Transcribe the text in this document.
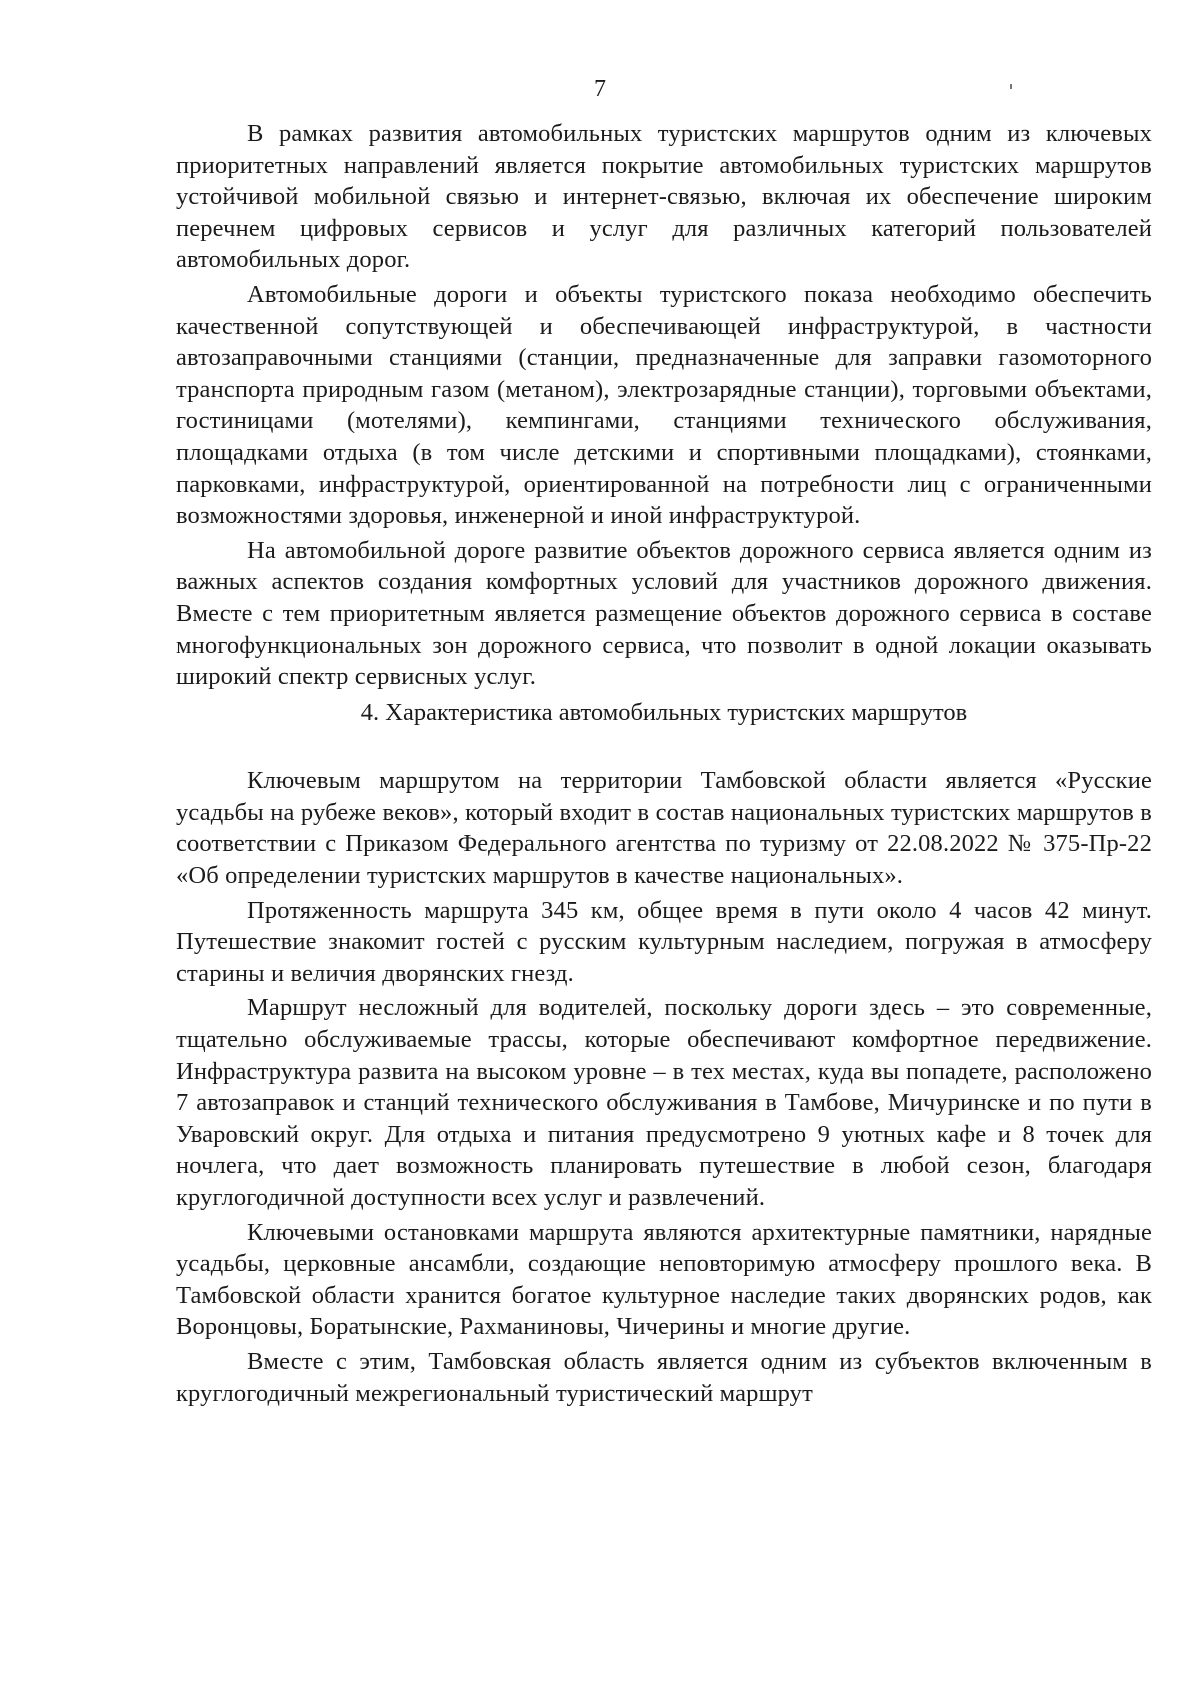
7

В рамках развития автомобильных туристских маршрутов одним из ключевых приоритетных направлений является покрытие автомобильных туристских маршрутов устойчивой мобильной связью и интернет-связью, включая их обеспечение широким перечнем цифровых сервисов и услуг для различных категорий пользователей автомобильных дорог.

Автомобильные дороги и объекты туристского показа необходимо обеспечить качественной сопутствующей и обеспечивающей инфраструктурой, в частности автозаправочными станциями (станции, предназначенные для заправки газомоторного транспорта природным газом (метаном), электрозарядные станции), торговыми объектами, гостиницами (мотелями), кемпингами, станциями технического обслуживания, площадками отдыха (в том числе детскими и спортивными площадками), стоянками, парковками, инфраструктурой, ориентированной на потребности лиц с ограниченными возможностями здоровья, инженерной и иной инфраструктурой.

На автомобильной дороге развитие объектов дорожного сервиса является одним из важных аспектов создания комфортных условий для участников дорожного движения. Вместе с тем приоритетным является размещение объектов дорожного сервиса в составе многофункциональных зон дорожного сервиса, что позволит в одной локации оказывать широкий спектр сервисных услуг.

4. Характеристика автомобильных туристских маршрутов

Ключевым маршрутом на территории Тамбовской области является «Русские усадьбы на рубеже веков», который входит в состав национальных туристских маршрутов в соответствии с Приказом Федерального агентства по туризму от 22.08.2022 № 375-Пр-22 «Об определении туристских маршрутов в качестве национальных».

Протяженность маршрута 345 км, общее время в пути около 4 часов 42 минут. Путешествие знакомит гостей с русским культурным наследием, погружая в атмосферу старины и величия дворянских гнезд.

Маршрут несложный для водителей, поскольку дороги здесь – это современные, тщательно обслуживаемые трассы, которые обеспечивают комфортное передвижение. Инфраструктура развита на высоком уровне – в тех местах, куда вы попадете, расположено 7 автозаправок и станций технического обслуживания в Тамбове, Мичуринске и по пути в Уваровский округ. Для отдыха и питания предусмотрено 9 уютных кафе и 8 точек для ночлега, что дает возможность планировать путешествие в любой сезон, благодаря круглогодичной доступности всех услуг и развлечений.

Ключевыми остановками маршрута являются архитектурные памятники, нарядные усадьбы, церковные ансамбли, создающие неповторимую атмосферу прошлого века. В Тамбовской области хранится богатое культурное наследие таких дворянских родов, как Воронцовы, Боратынские, Рахманиновы, Чичерины и многие другие.

Вместе с этим, Тамбовская область является одним из субъектов включенным в круглогодичный межрегиональный туристический маршрут
